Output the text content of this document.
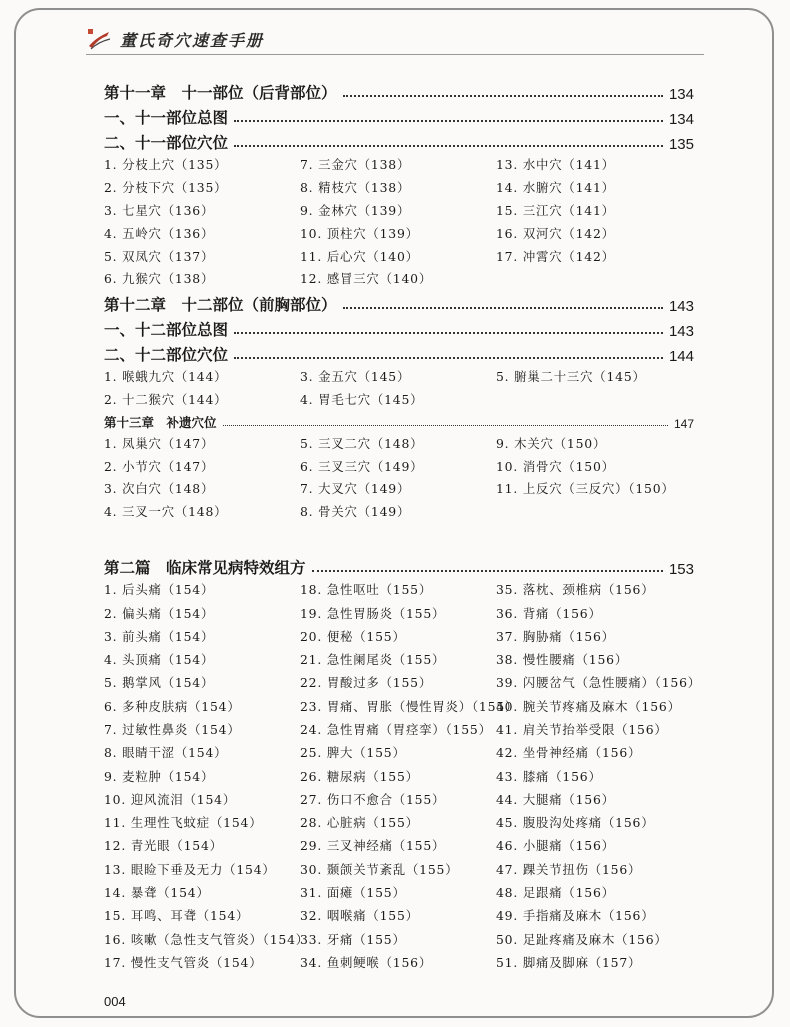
董氏奇穴速查手册
第十一章　十一部位（后背部位）	134
一、十一部位总图	134
二、十一部位穴位	135
1. 分枝上穴（135）
2. 分枝下穴（135）
3. 七星穴（136）
4. 五岭穴（136）
5. 双凤穴（137）
6. 九猴穴（138）
7. 三金穴（138）
8. 精枝穴（138）
9. 金林穴（139）
10. 顶柱穴（139）
11. 后心穴（140）
12. 感冒三穴（140）
13. 水中穴（141）
14. 水腑穴（141）
15. 三江穴（141）
16. 双河穴（142）
17. 冲霄穴（142）
第十二章　十二部位（前胸部位）	143
一、十二部位总图	143
二、十二部位穴位	144
1. 喉蛾九穴（144）
2. 十二猴穴（144）
3. 金五穴（145）
4. 胃毛七穴（145）
5. 腑巢二十三穴（145）
第十三章　补遗穴位	147
1. 凤巢穴（147）
2. 小节穴（147）
3. 次白穴（148）
4. 三叉一穴（148）
5. 三叉二穴（148）
6. 三叉三穴（149）
7. 大叉穴（149）
8. 骨关穴（149）
9. 木关穴（150）
10. 消骨穴（150）
11. 上反穴（三反穴）（150）
第二篇　临床常见病特效组方	153
1. 后头痛（154）
2. 偏头痛（154）
3. 前头痛（154）
4. 头顶痛（154）
5. 鹅掌风（154）
6. 多种皮肤病（154）
7. 过敏性鼻炎（154）
8. 眼睛干涩（154）
9. 麦粒肿（154）
10. 迎风流泪（154）
11. 生理性飞蚊症（154）
12. 青光眼（154）
13. 眼睑下垂及无力（154）
14. 暴聋（154）
15. 耳鸣、耳聋（154）
16. 咳嗽（急性支气管炎）（154）
17. 慢性支气管炎（154）
18. 急性呕吐（155）
19. 急性胃肠炎（155）
20. 便秘（155）
21. 急性阑尾炎（155）
22. 胃酸过多（155）
23. 胃痛、胃胀（慢性胃炎）（155）
24. 急性胃痛（胃痉挛）（155）
25. 脾大（155）
26. 糖尿病（155）
27. 伤口不愈合（155）
28. 心脏病（155）
29. 三叉神经痛（155）
30. 颞颌关节紊乱（155）
31. 面瘫（155）
32. 咽喉痛（155）
33. 牙痛（155）
34. 鱼刺鲠喉（156）
35. 落枕、颈椎病（156）
36. 背痛（156）
37. 胸胁痛（156）
38. 慢性腰痛（156）
39. 闪腰岔气（急性腰痛）（156）
40. 腕关节疼痛及麻木（156）
41. 肩关节抬举受限（156）
42. 坐骨神经痛（156）
43. 膝痛（156）
44. 大腿痛（156）
45. 腹股沟处疼痛（156）
46. 小腿痛（156）
47. 踝关节扭伤（156）
48. 足跟痛（156）
49. 手指痛及麻木（156）
50. 足趾疼痛及麻木（156）
51. 脚痛及脚麻（157）
004
